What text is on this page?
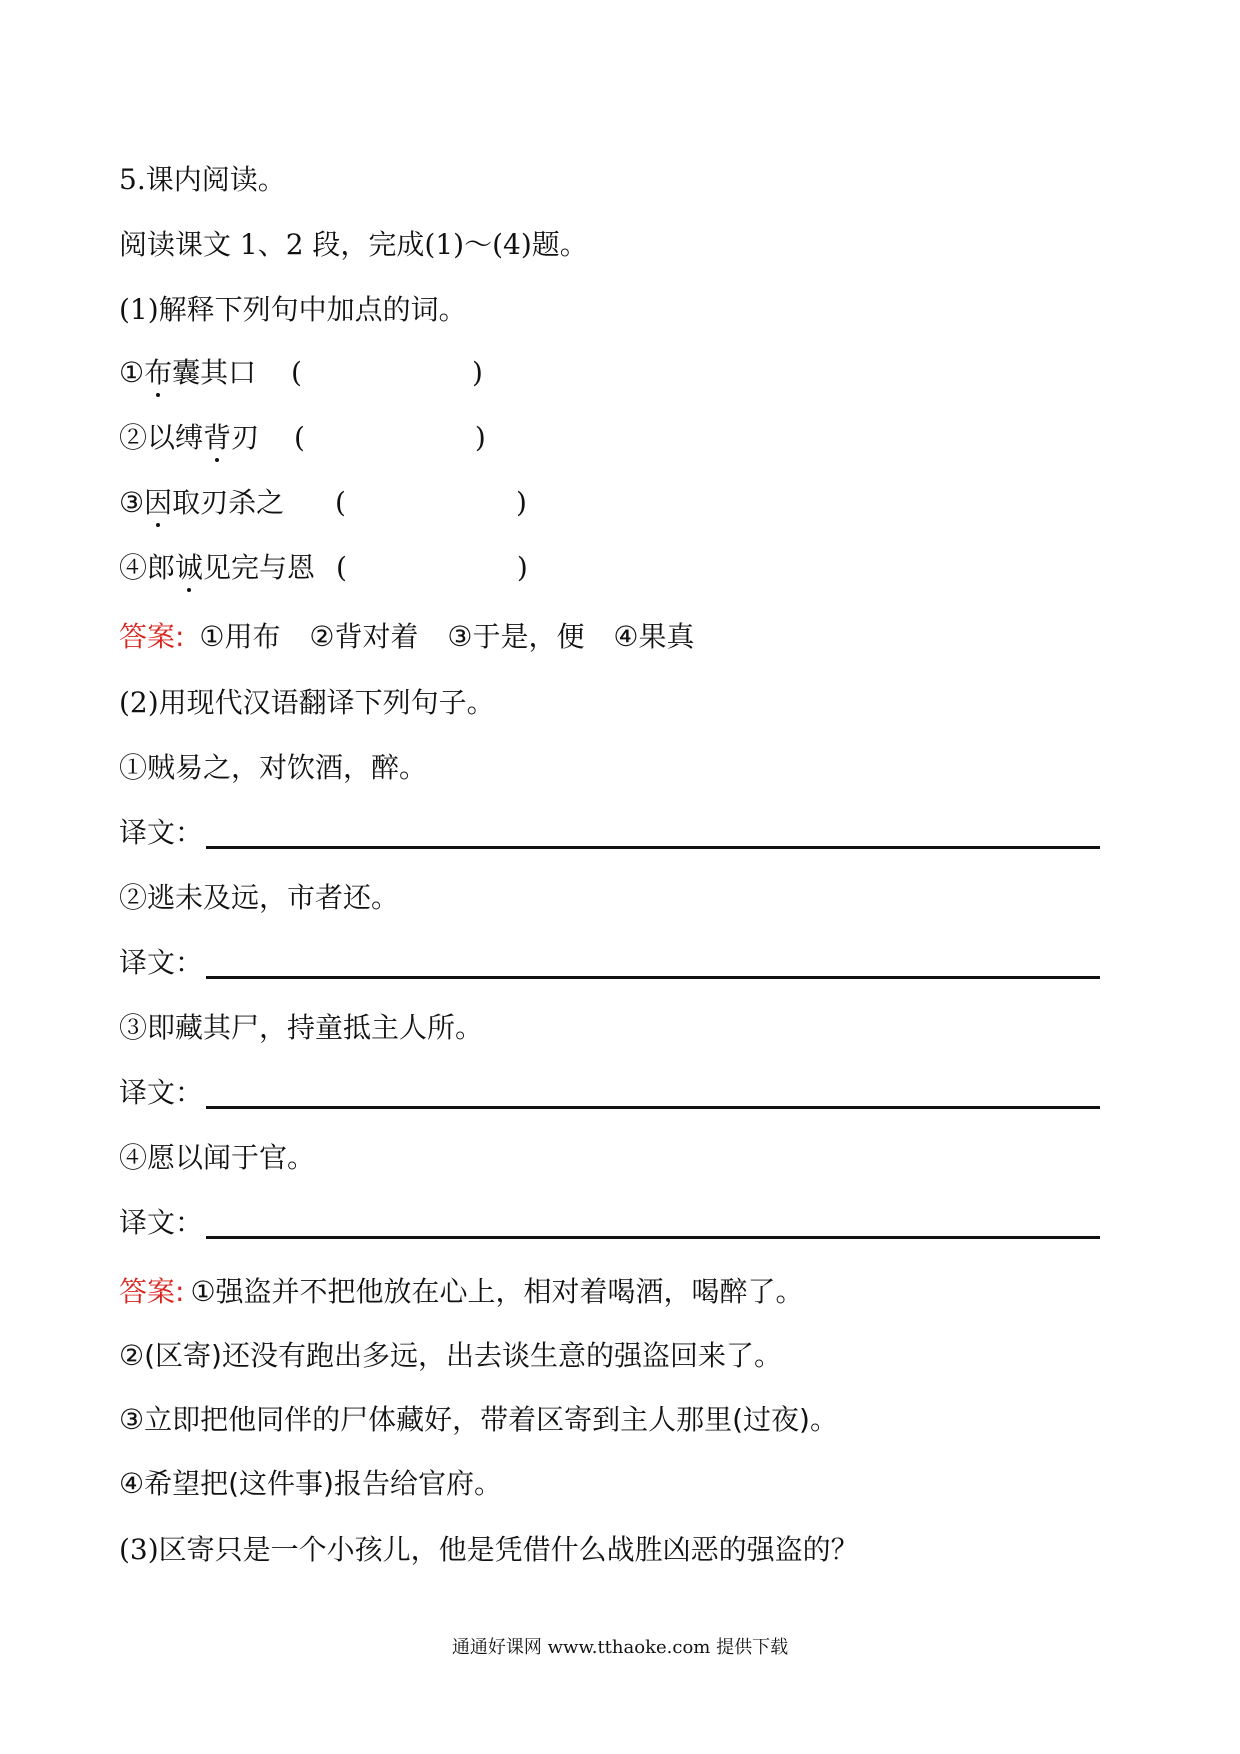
5.课内阅读。
阅读课文 1、2 段，完成(1)～(4)题。
(1)解释下列句中加点的词。
①布囊其口 (	)
②以缚背刃 (	)
③因取刃杀之 (	)
④郎诚见完与恩 (	)
答案: ①用布 ②背对着 ③于是，便 ④果真
(2)用现代汉语翻译下列句子。
①贼易之，对饮酒，醉。
译文：
②逃未及远，市者还。
译文：
③即藏其尸，持童抵主人所。
译文：
④愿以闻于官。
译文：
答案: ①强盗并不把他放在心上，相对着喝酒，喝醉了。
②(区寄)还没有跑出多远，出去谈生意的强盗回来了。
③立即把他同伴的尸体藏好，带着区寄到主人那里(过夜)。
④希望把(这件事)报告给官府。
(3)区寄只是一个小孩儿，他是凭借什么战胜凶恶的强盗的？
通通好课网 www.tthaoke.com 提供下载
